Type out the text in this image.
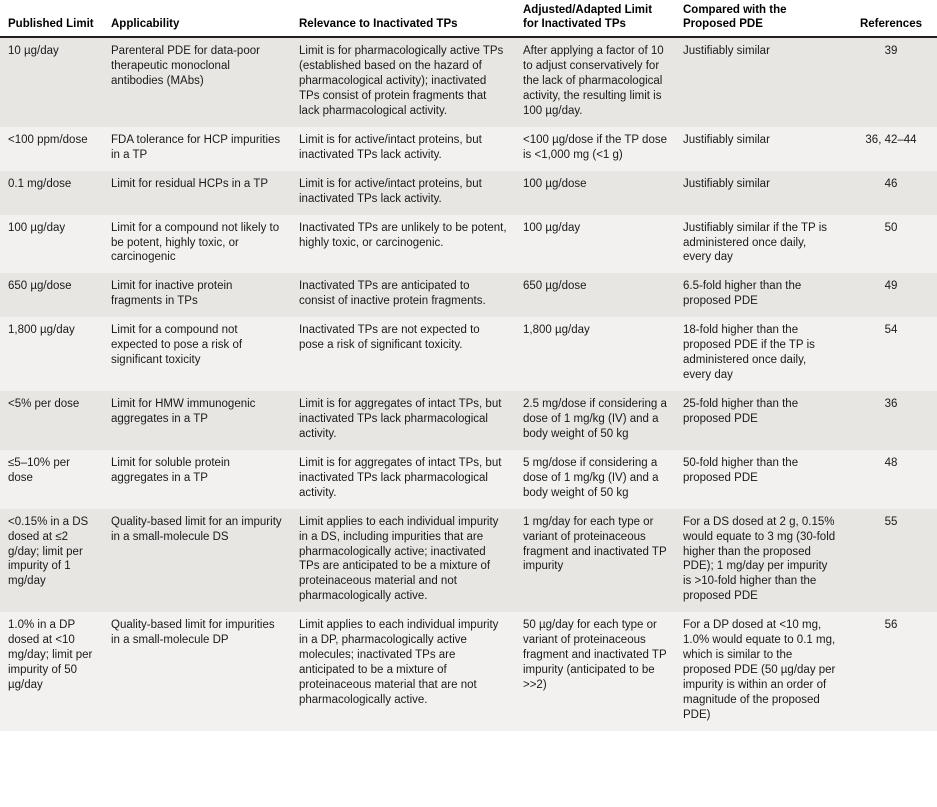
Published Limit	Applicability	Relevance to Inactivated TPs	Adjusted/Adapted Limit for Inactivated TPs	Compared with the Proposed PDE	References

10 µg/day	Parenteral PDE for data-poor therapeutic monoclonal antibodies (MAbs)	Limit is for pharmacologically active TPs (established based on the hazard of pharmacological activity); inactivated TPs consist of protein fragments that lack pharmacological activity.	After applying a factor of 10 to adjust conservatively for the lack of pharmacological activity, the resulting limit is 100 µg/day.	Justifiably similar	39
<100 ppm/dose	FDA tolerance for HCP impurities in a TP	Limit is for active/intact proteins, but inactivated TPs lack activity.	<100 µg/dose if the TP dose is <1,000 mg (<1 g)	Justifiably similar	36, 42–44
0.1 mg/dose	Limit for residual HCPs in a TP	Limit is for active/intact proteins, but inactivated TPs lack activity.	100 µg/dose	Justifiably similar	46
100 µg/day	Limit for a compound not likely to be potent, highly toxic, or carcinogenic	Inactivated TPs are unlikely to be potent, highly toxic, or carcinogenic.	100 µg/day	Justifiably similar if the TP is administered once daily, every day	50
650 µg/dose	Limit for inactive protein fragments in TPs	Inactivated TPs are anticipated to consist of inactive protein fragments.	650 µg/dose	6.5-fold higher than the proposed PDE	49
1,800 µg/day	Limit for a compound not expected to pose a risk of significant toxicity	Inactivated TPs are not expected to pose a risk of significant toxicity.	1,800 µg/day	18-fold higher than the proposed PDE if the TP is administered once daily, every day	54
<5% per dose	Limit for HMW immunogenic aggregates in a TP	Limit is for aggregates of intact TPs, but inactivated TPs lack pharmacological activity.	2.5 mg/dose if considering a dose of 1 mg/kg (IV) and a body weight of 50 kg	25-fold higher than the proposed PDE	36
≤5–10% per dose	Limit for soluble protein aggregates in a TP	Limit is for aggregates of intact TPs, but inactivated TPs lack pharmacological activity.	5 mg/dose if considering a dose of 1 mg/kg (IV) and a body weight of 50 kg	50-fold higher than the proposed PDE	48
<0.15% in a DS dosed at ≤2 g/day; limit per impurity of 1 mg/day	Quality-based limit for an impurity in a small-molecule DS	Limit applies to each individual impurity in a DS, including impurities that are pharmacologically active; inactivated TPs are anticipated to be a mixture of proteinaceous material and not pharmacologically active.	1 mg/day for each type or variant of proteinaceous fragment and inactivated TP impurity	For a DS dosed at 2 g, 0.15% would equate to 3 mg (30-fold higher than the proposed PDE); 1 mg/day per impurity is >10-fold higher than the proposed PDE	55
1.0% in a DP dosed at <10 mg/day; limit per impurity of 50 µg/day	Quality-based limit for impurities in a small-molecule DP	Limit applies to each individual impurity in a DP, pharmacologically active molecules; inactivated TPs are anticipated to be a mixture of proteinaceous material that are not pharmacologically active.	50 µg/day for each type or variant of proteinaceous fragment and inactivated TP impurity (anticipated to be >>2)	For a DP dosed at <10 mg, 1.0% would equate to 0.1 mg, which is similar to the proposed PDE (50 µg/day per impurity is within an order of magnitude of the proposed PDE)	56
